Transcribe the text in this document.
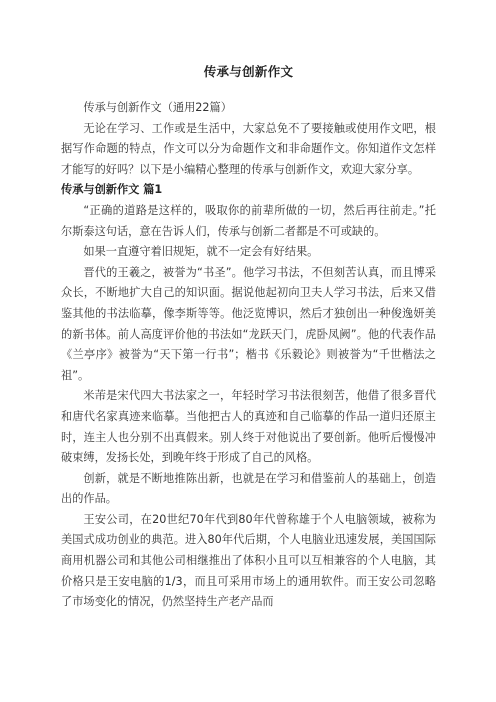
传承与创新作文

传承与创新作文（通用22篇）

无论在学习、工作或是生活中，大家总免不了要接触或使用作文吧，根据写作命题的特点，作文可以分为命题作文和非命题作文。你知道作文怎样才能写的好吗？以下是小编精心整理的传承与创新作文，欢迎大家分享。

传承与创新作文 篇1

“正确的道路是这样的，吸取你的前辈所做的一切，然后再往前走。”托尔斯泰这句话，意在告诉人们，传承与创新二者都是不可或缺的。

如果一直遵守着旧规矩，就不一定会有好结果。

晋代的王羲之，被誉为“书圣”。他学习书法，不但刻苦认真，而且博采众长，不断地扩大自己的知识面。据说他起初向卫夫人学习书法，后来又借鉴其他的书法临摹，像李斯等等。他泛览博识，然后才独创出一种俊逸妍美的新书体。前人高度评价他的书法如“龙跃天门，虎卧凤阙”。他的代表作品《兰亭序》被誉为“天下第一行书”；楷书《乐毅论》则被誉为“千世楷法之祖”。

米芾是宋代四大书法家之一，年轻时学习书法很刻苦，他借了很多晋代和唐代名家真迹来临摹。当他把古人的真迹和自己临摹的作品一道归还原主时，连主人也分别不出真假来。别人终于对他说出了要创新。他听后慢慢冲破束缚，发扬长处，到晚年终于形成了自己的风格。

创新，就是不断地推陈出新，也就是在学习和借鉴前人的基础上，创造出的作品。

王安公司，在20世纪70年代到80年代曾称雄于个人电脑领域，被称为美国式成功创业的典范。进入80年代后期，个人电脑业迅速发展，美国国际商用机器公司和其他公司相继推出了体积小且可以互相兼容的个人电脑，其价格只是王安电脑的1/3，而且可采用市场上的通用软件。而王安公司忽略了市场变化的情况，仍然坚持生产老产品而
